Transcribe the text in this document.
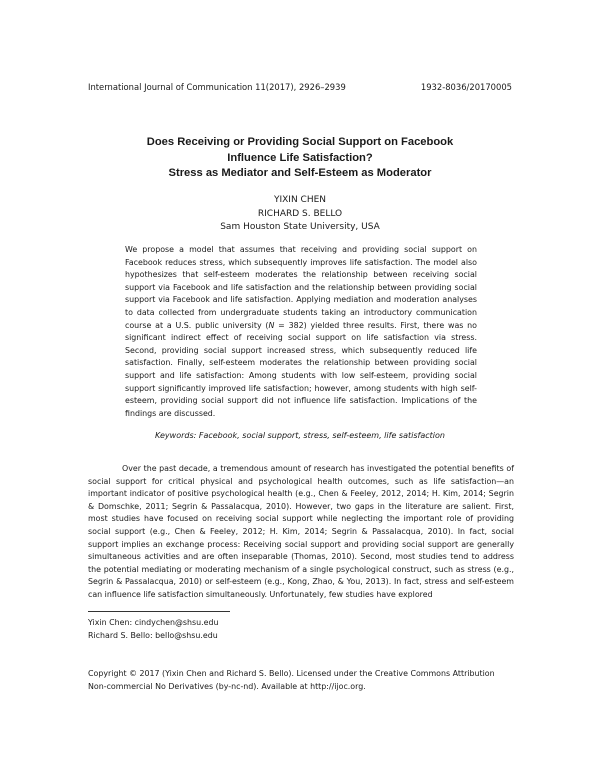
International Journal of Communication 11(2017), 2926–2939	1932-8036/20170005
Does Receiving or Providing Social Support on Facebook
Influence Life Satisfaction?
Stress as Mediator and Self-Esteem as Moderator
YIXIN CHEN
RICHARD S. BELLO
Sam Houston State University, USA
We propose a model that assumes that receiving and providing social support on Facebook reduces stress, which subsequently improves life satisfaction. The model also hypothesizes that self-esteem moderates the relationship between receiving social support via Facebook and life satisfaction and the relationship between providing social support via Facebook and life satisfaction. Applying mediation and moderation analyses to data collected from undergraduate students taking an introductory communication course at a U.S. public university (N = 382) yielded three results. First, there was no significant indirect effect of receiving social support on life satisfaction via stress. Second, providing social support increased stress, which subsequently reduced life satisfaction. Finally, self-esteem moderates the relationship between providing social support and life satisfaction: Among students with low self-esteem, providing social support significantly improved life satisfaction; however, among students with high self-esteem, providing social support did not influence life satisfaction. Implications of the findings are discussed.
Keywords: Facebook, social support, stress, self-esteem, life satisfaction

Over the past decade, a tremendous amount of research has investigated the potential benefits of social support for critical physical and psychological health outcomes, such as life satisfaction—an important indicator of positive psychological health (e.g., Chen & Feeley, 2012, 2014; H. Kim, 2014; Segrin & Domschke, 2011; Segrin & Passalacqua, 2010). However, two gaps in the literature are salient. First, most studies have focused on receiving social support while neglecting the important role of providing social support (e.g., Chen & Feeley, 2012; H. Kim, 2014; Segrin & Passalacqua, 2010). In fact, social support implies an exchange process: Receiving social support and providing social support are generally simultaneous activities and are often inseparable (Thomas, 2010). Second, most studies tend to address the potential mediating or moderating mechanism of a single psychological construct, such as stress (e.g., Segrin & Passalacqua, 2010) or self-esteem (e.g., Kong, Zhao, & You, 2013). In fact, stress and self-esteem can influence life satisfaction simultaneously. Unfortunately, few studies have explored

Yixin Chen: cindychen@shsu.edu
Richard S. Bello: bello@shsu.edu
Copyright © 2017 (Yixin Chen and Richard S. Bello). Licensed under the Creative Commons Attribution
Non-commercial No Derivatives (by-nc-nd). Available at http://ijoc.org.
